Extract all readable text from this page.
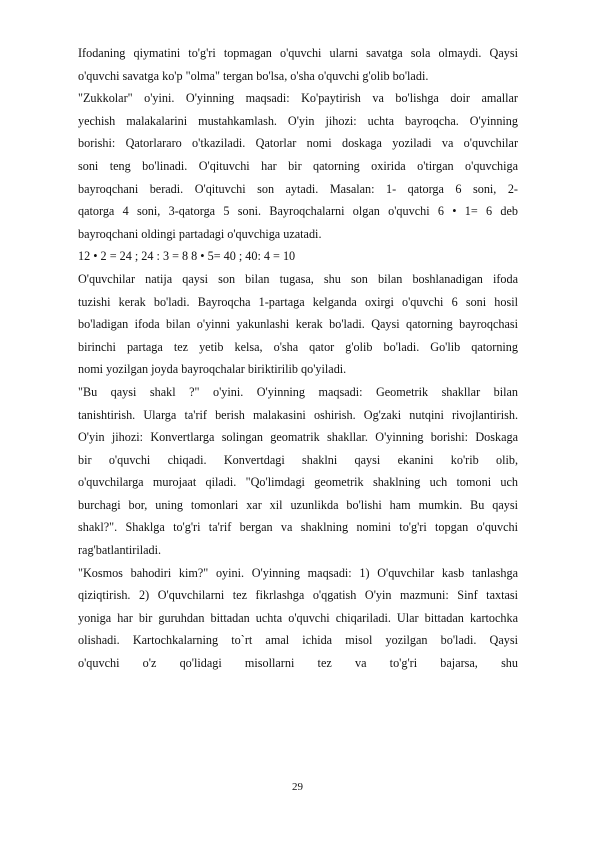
Ifodaning qiymatini to'g'ri topmagan o'quvchi ularni savatga sola olmaydi. Qaysi
o'quvchi savatga ko'p "olma" tergan bo'lsa, o'sha o'quvchi g'olib bo'ladi.
"Zukkolar" o'yini. O'yinning maqsadi: Ko'paytirish va bo'lishga doir amallar
yechish malakalarini mustahkamlash. O'yin jihozi: uchta bayroqcha. O'yinning
borishi: Qatorlararo o'tkaziladi. Qatorlar nomi doskaga yoziladi va o'quvchilar
soni teng bo'linadi. O'qituvchi har bir qatorning oxirida o'tirgan o'quvchiga
bayroqchani beradi. O'qituvchi son aytadi. Masalan: 1- qatorga 6 soni, 2-
qatorga 4 soni, 3-qatorga 5 soni. Bayroqchalarni olgan o'quvchi 6 • 1= 6 deb
bayroqchani oldingi partadagi o'quvchiga uzatadi.
12 • 2 = 24 ; 24 : 3 = 8 8 • 5= 40 ; 40: 4 = 10
O'quvchilar natija qaysi son bilan tugasa, shu son bilan boshlanadigan ifoda
tuzishi kerak bo'ladi. Bayroqcha 1-partaga kelganda oxirgi o'quvchi 6 soni hosil
bo'ladigan ifoda bilan o'yinni yakunlashi kerak bo'ladi. Qaysi qatorning bayroqchasi
birinchi partaga tez yetib kelsa, o'sha qator g'olib bo'ladi. Go'lib qatorning
nomi yozilgan joyda bayroqchalar biriktirilib qo'yiladi.
"Bu qaysi shakl ?" o'yini. O'yinning maqsadi: Geometrik shakllar bilan
tanishtirish. Ularga ta'rif berish malakasini oshirish. Og'zaki nutqini rivojlantirish.
O'yin jihozi: Konvertlarga solingan geomatrik shakllar. O'yinning borishi: Doskaga
bir o'quvchi chiqadi. Konvertdagi shaklni qaysi ekanini ko'rib olib,
o'quvchilarga murojaat qiladi. "Qo'limdagi geometrik shaklning uch tomoni uch
burchagi bor, uning tomonlari xar xil uzunlikda bo'lishi ham mumkin. Bu qaysi
shakl?". Shaklga to'g'ri ta'rif bergan va shaklning nomini to'g'ri topgan o'quvchi
rag'batlantiriladi.
"Kosmos bahodiri kim?" oyini. O'yinning maqsadi: 1) O'quvchilar kasb tanlashga
qiziqtirish. 2) O'quvchilarni tez fikrlashga o'qgatish O'yin mazmuni: Sinf taxtasi
yoniga har bir guruhdan bittadan uchta o'quvchi chiqariladi. Ular bittadan kartochka
olishadi. Kartochkalarning to`rt amal ichida misol yozilgan bo'ladi. Qaysi
o'quvchi o'z qo'lidagi misollarni tez va to'g'ri bajarsa, shu
29
